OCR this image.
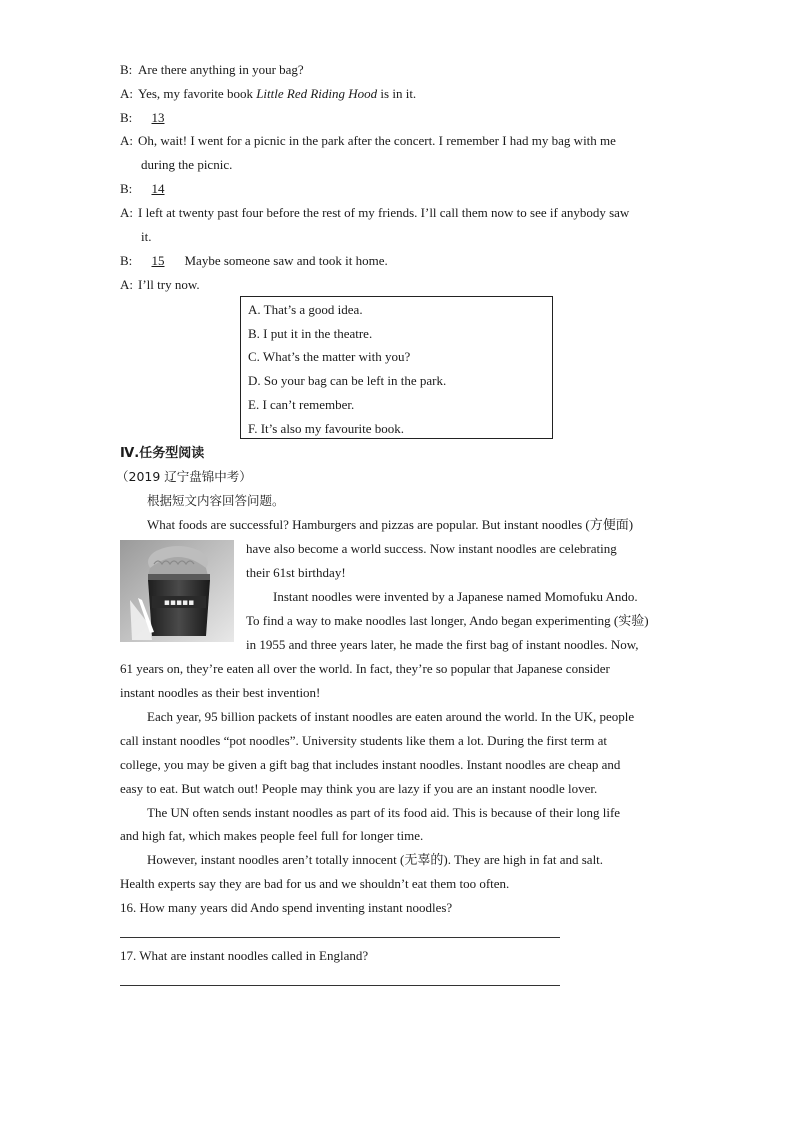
B: Are there anything in your bag?
A: Yes, my favorite book Little Red Riding Hood is in it.
B: 13
A: Oh, wait! I went for a picnic in the park after the concert. I remember I had my bag with me
during the picnic.
B: 14
A: I left at twenty past four before the rest of my friends. I’ll call them now to see if anybody saw
it.
B: 15 Maybe someone saw and took it home.
A: I’ll try now.
A. That’s a good idea.
B. I put it in the theatre.
C. What’s the matter with you?
D. So your bag can be left in the park.
E. I can’t remember.
F. It’s also my favourite book.
Ⅳ.任务型阅读
（2019 辽宁盘锦中考）
根据短文内容回答问题。
▪▪▪▪▪
What foods are successful? Hamburgers and pizzas are popular. But instant noodles (方便面)
have also become a world success. Now instant noodles are celebrating
their 61st birthday!
Instant noodles were invented by a Japanese named Momofuku Ando.
To find a way to make noodles last longer, Ando began experimenting (实验)
in 1955 and three years later, he made the first bag of instant noodles. Now,
61 years on, they’re eaten all over the world. In fact, they’re so popular that Japanese consider
instant noodles as their best invention!
Each year, 95 billion packets of instant noodles are eaten around the world. In the UK, people
call instant noodles “pot noodles”. University students like them a lot. During the first term at
college, you may be given a gift bag that includes instant noodles. Instant noodles are cheap and
easy to eat. But watch out! People may think you are lazy if you are an instant noodle lover.
The UN often sends instant noodles as part of its food aid. This is because of their long life
and high fat, which makes people feel full for longer time.
However, instant noodles aren’t totally innocent (无辜的). They are high in fat and salt.
Health experts say they are bad for us and we shouldn’t eat them too often.
16. How many years did Ando spend inventing instant noodles?
17. What are instant noodles called in England?
